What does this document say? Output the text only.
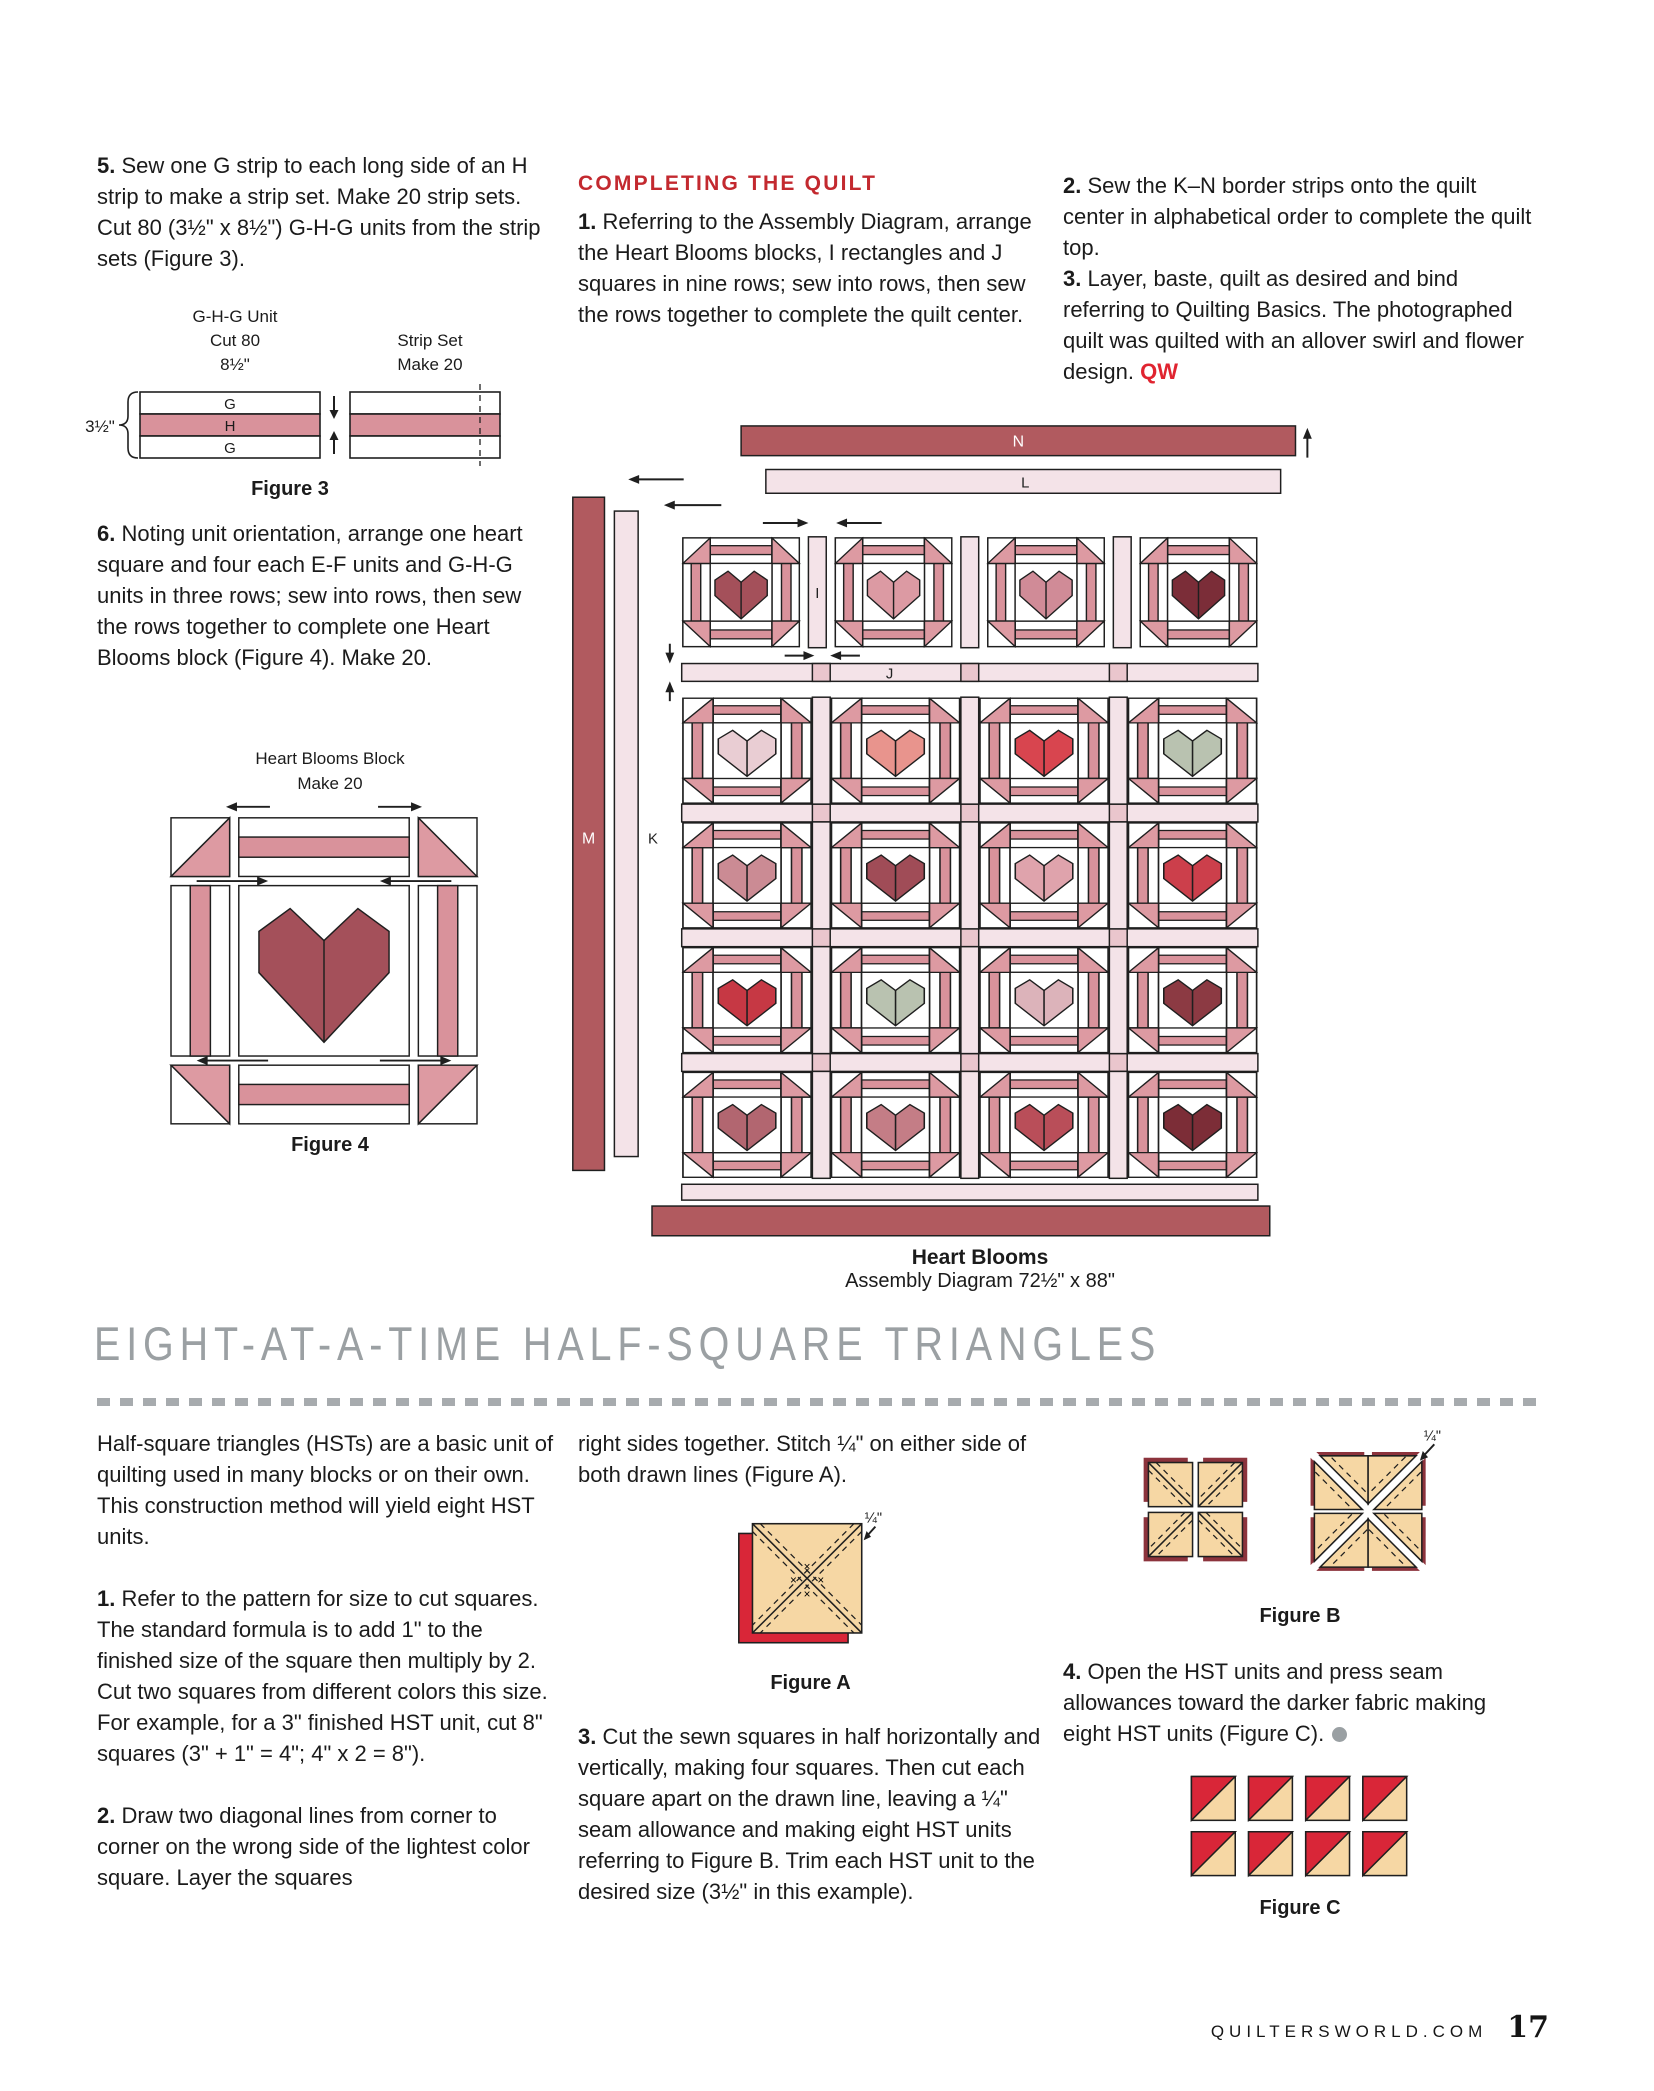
5. Sew one G strip to each long side of an H strip to make a strip set. Make 20 strip sets. Cut 80 (3½" x 8½") G-H-G units from the strip sets (Figure 3).

G-H-G Unit
Cut 80
8½"
Strip Set
Make 20
3½"
G
H
G

Figure 3

6. Noting unit orientation, arrange one heart square and four each E-F units and G-H-G units in three rows; sew into rows, then sew the rows together to complete one Heart Blooms block (Figure 4). Make 20.

Heart Blooms Block
Make 20

Figure 4

COMPLETING THE QUILT

1. Referring to the Assembly Diagram, arrange the Heart Blooms blocks, I rectangles and J squares in nine rows; sew into rows, then sew the rows together to complete the quilt center.

2. Sew the K–N border strips onto the quilt center in alphabetical order to complete the quilt top.

3. Layer, baste, quilt as desired and bind referring to Quilting Basics. The photographed quilt was quilted with an allover swirl and flower design. QW

N
L
M	K
I
J
Heart Blooms
Assembly Diagram 72½" x 88"
EIGHT-AT-A-TIME HALF-SQUARE TRIANGLES

Half-square triangles (HSTs) are a basic unit of quilting used in many blocks or on their own. This construction method will yield eight HST units.

1. Refer to the pattern for size to cut squares. The standard formula is to add 1" to the finished size of the square then multiply by 2. Cut two squares from different colors this size. For example, for a 3" finished HST unit, cut 8" squares (3" + 1" = 4"; 4" x 2 = 8").

2. Draw two diagonal lines from corner to corner on the wrong side of the lightest color square. Layer the squares

right sides together. Stitch ¼" on either side of both drawn lines (Figure A).

×
× ×
×
¼"

Figure A

3. Cut the sewn squares in half horizontally and vertically, making four squares. Then cut each square apart on the drawn line, leaving a ¼" seam allowance and making eight HST units referring to Figure B. Trim each HST unit to the desired size (3½" in this example).

¼"

Figure B

4. Open the HST units and press seam allowances toward the darker fabric making eight HST units (Figure C).

Figure C

QUILTERSWORLD.COM 17
